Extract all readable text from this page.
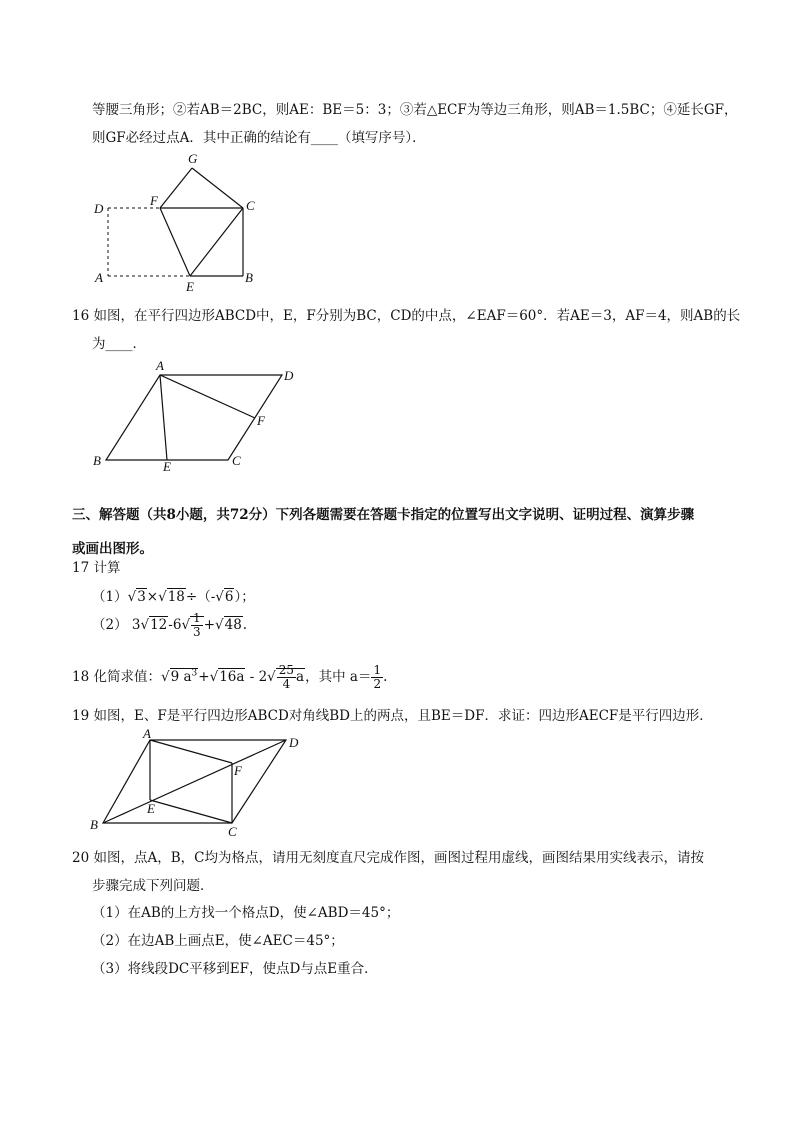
等腰三角形；②若AB＝2BC，则AE：BE＝5：3；③若△ECF为等边三角形，则AB＝1.5BC；④延长GF，
则GF必经过点A．其中正确的结论有____（填写序号）．
G
F	C
D
A
E
B
16 如图，在平行四边形ABCD中，E，F分别为BC，CD的中点，∠EAF＝60°．若AE＝3，AF＝4，则AB的长
为____．
A
D
F
B	E	C
三、解答题（共8小题，共72分）下列各题需要在答题卡指定的位置写出文字说明、证明过程、演算步骤
或画出图形。
17 计算
（1）√3×√18÷（-√6）；
（2） $3√12-6√ \frac{1}{3} +√48$.
18 化简求值：√9 $a^3+√16a - 2√ \frac{25}{4}$ a，其中 $a= \frac{1}{2}$ .
19 如图，E、F是平行四边形ABCD对角线BD上的两点，且BE＝DF．求证：四边形AECF是平行四边形．
A
D
F
E
B	C
20 如图，点A，B，C均为格点，请用无刻度直尺完成作图，画图过程用虚线，画图结果用实线表示，请按
步骤完成下列问题．
（1）在AB的上方找一个格点D，使∠ABD＝45°；
（2）在边AB上画点E，使∠AEC＝45°；
（3）将线段DC平移到EF，使点D与点E重合．
